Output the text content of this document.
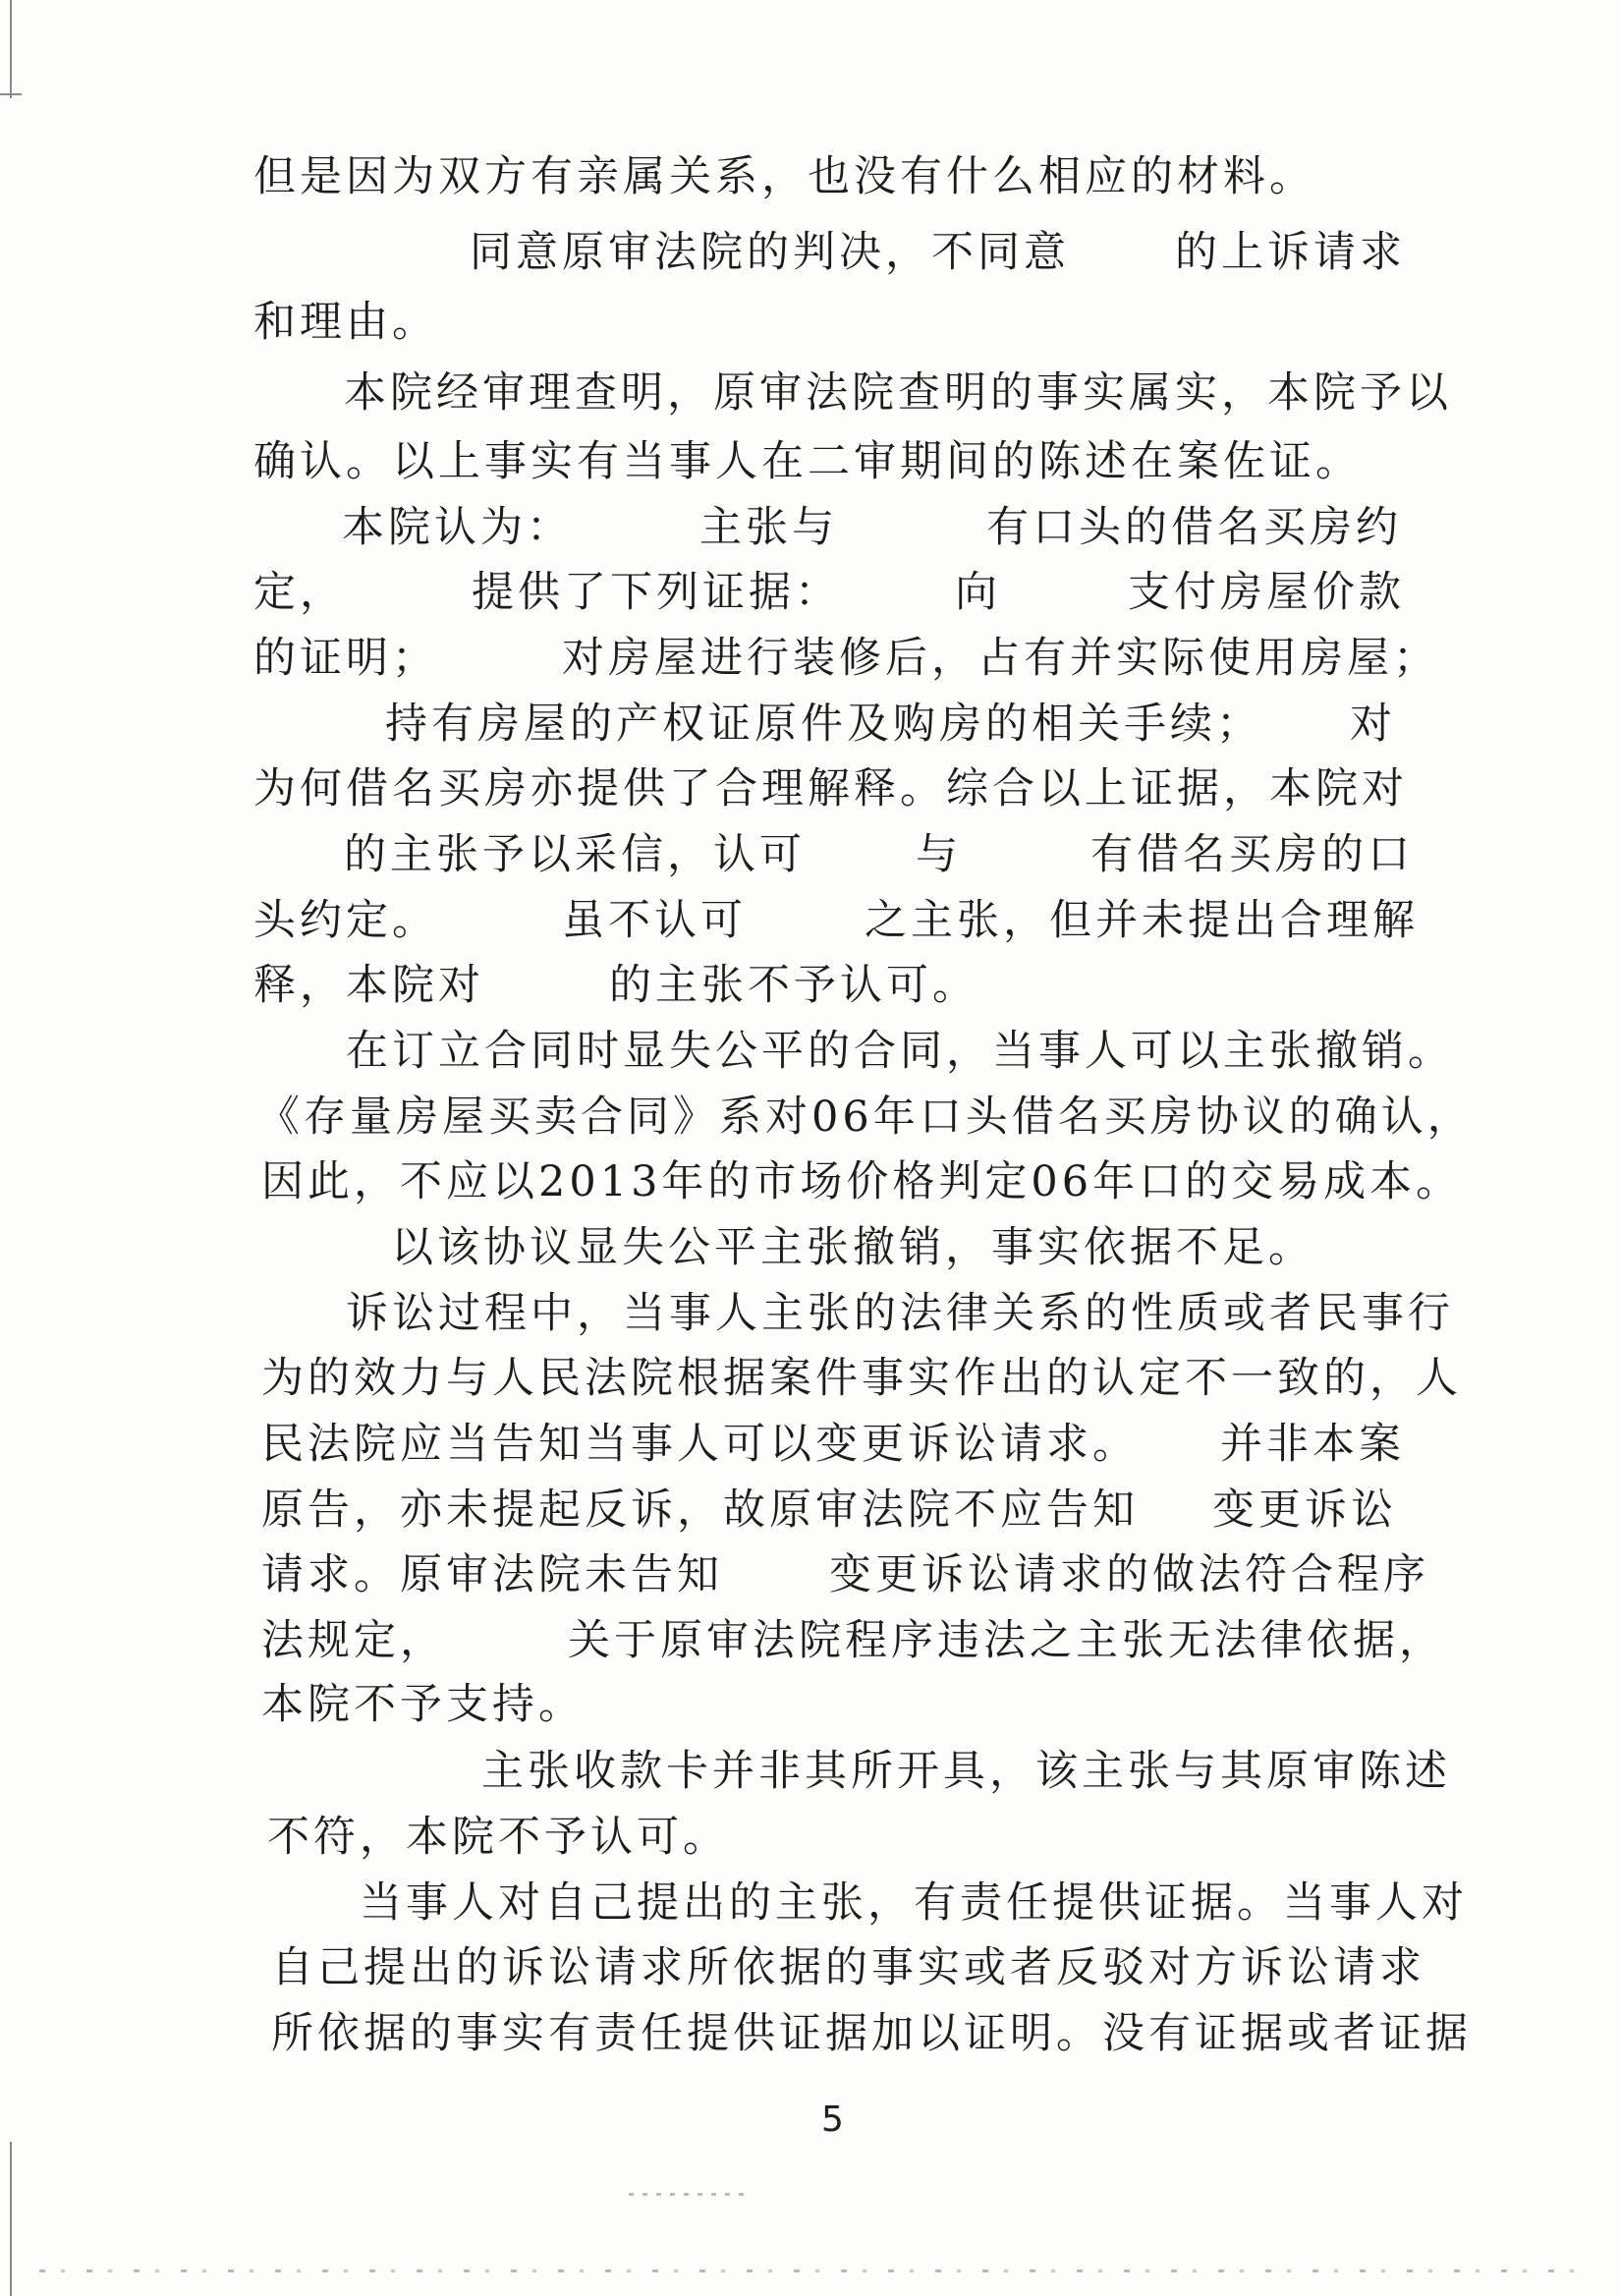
但是因为双方有亲属关系，也没有什么相应的材料。
同意原审法院的判决，不同意 的上诉请求
和理由。
本院经审理查明，原审法院查明的事实属实，本院予以
确认。以上事实有当事人在二审期间的陈述在案佐证。
本院认为：	主张与	有口头的借名买房约
定，	提供了下列证据：	向	支付房屋价款
的证明；	对房屋进行装修后，占有并实际使用房屋；
持有房屋的产权证原件及购房的相关手续； 对
为何借名买房亦提供了合理解释。综合以上证据，本院对
的主张予以采信，认可	与	有借名买房的口
头约定。	虽不认可	之主张，但并未提出合理解
释，本院对	的主张不予认可。
在订立合同时显失公平的合同，当事人可以主张撤销。
《存量房屋买卖合同》系对06年口头借名买房协议的确认，
因此，不应以2013年的市场价格判定06年口的交易成本。
以该协议显失公平主张撤销，事实依据不足。
诉讼过程中，当事人主张的法律关系的性质或者民事行
为的效力与人民法院根据案件事实作出的认定不一致的，人
民法院应当告知当事人可以变更诉讼请求。 并非本案
原告，亦未提起反诉，故原审法院不应告知 变更诉讼
请求。原审法院未告知	变更诉讼请求的做法符合程序
法规定，	关于原审法院程序违法之主张无法律依据，
本院不予支持。
主张收款卡并非其所开具，该主张与其原审陈述
不符，本院不予认可。
当事人对自己提出的主张，有责任提供证据。当事人对
自己提出的诉讼请求所依据的事实或者反驳对方诉讼请求
所依据的事实有责任提供证据加以证明。没有证据或者证据
5
